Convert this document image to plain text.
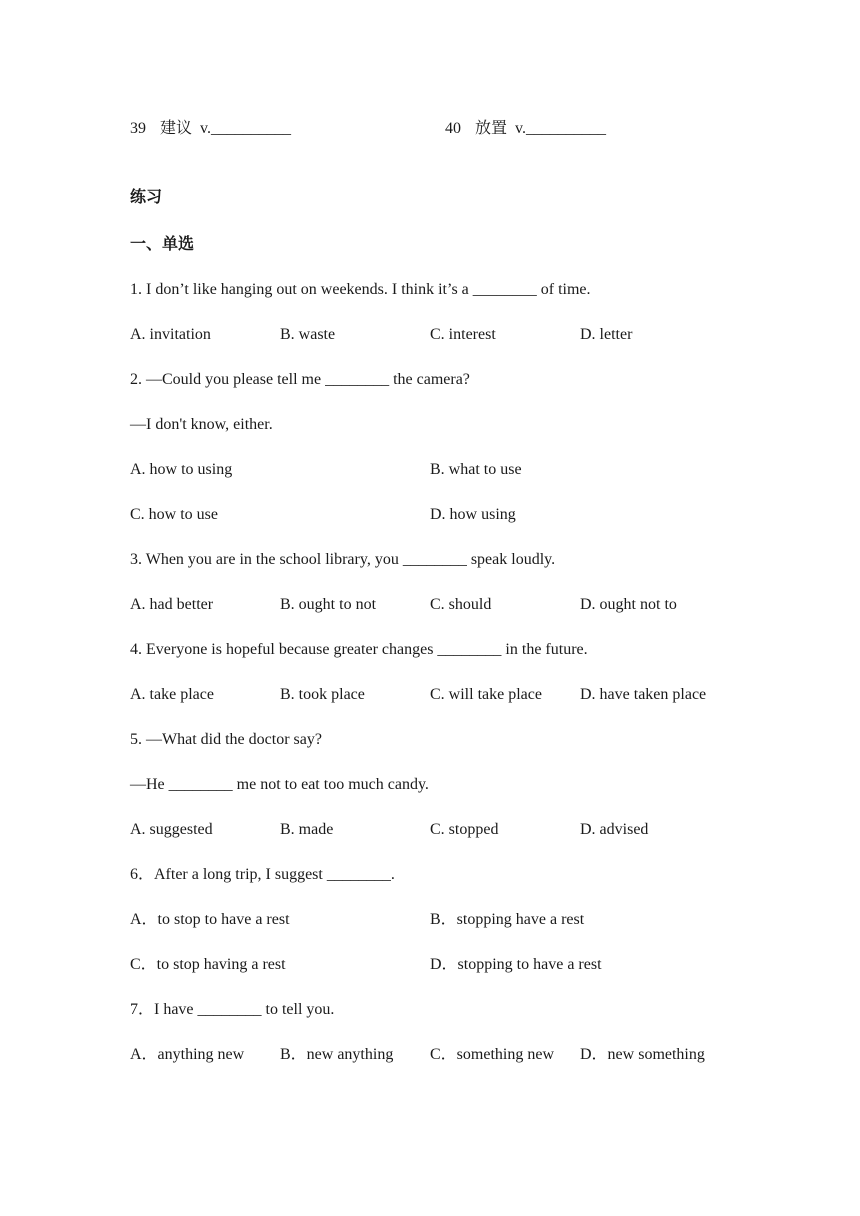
39 建议 v.__________	40 放置 v.__________
练习
一、单选
1. I don’t like hanging out on weekends. I think it’s a ________ of time.
A. invitation	B. waste	C. interest	D. letter
2. —Could you please tell me ________ the camera?
—I don't know, either.
A. how to using	B. what to use
C. how to use	D. how using
3. When you are in the school library, you ________ speak loudly.
A. had better	B. ought to not	C. should	D. ought not to
4. Everyone is hopeful because greater changes ________ in the future.
A. take place	B. took place	C. will take place D. have taken place
5. —What did the doctor say?
—He ________ me not to eat too much candy.
A. suggested	B. made	C. stopped	D. advised
6．After a long trip, I suggest ________.
A．to stop to have a rest	B．stopping have a rest
C．to stop having a rest	D．stopping to have a rest
7．I have ________ to tell you.
A．anything new B．new anything C．something new D．new something
